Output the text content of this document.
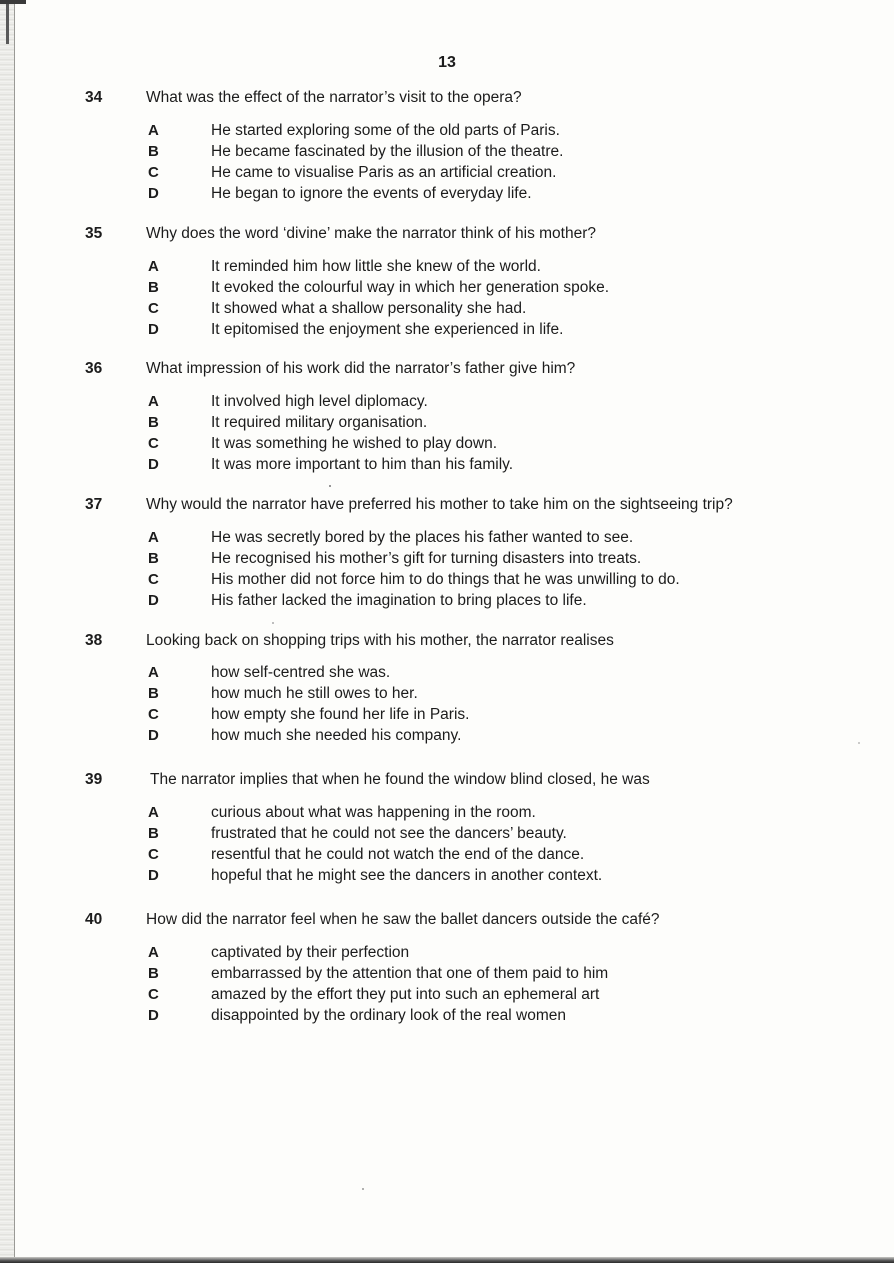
13
34	What was the effect of the narrator’s visit to the opera?
A	He started exploring some of the old parts of Paris.
B	He became fascinated by the illusion of the theatre.
C	He came to visualise Paris as an artificial creation.
D	He began to ignore the events of everyday life.
35	Why does the word ‘divine’ make the narrator think of his mother?
A	It reminded him how little she knew of the world.
B	It evoked the colourful way in which her generation spoke.
C	It showed what a shallow personality she had.
D	It epitomised the enjoyment she experienced in life.
36	What impression of his work did the narrator’s father give him?
A	It involved high level diplomacy.
B	It required military organisation.
C	It was something he wished to play down.
D	It was more important to him than his family.
37	Why would the narrator have preferred his mother to take him on the sightseeing trip?
A	He was secretly bored by the places his father wanted to see.
B	He recognised his mother’s gift for turning disasters into treats.
C	His mother did not force him to do things that he was unwilling to do.
D	His father lacked the imagination to bring places to life.
38	Looking back on shopping trips with his mother, the narrator realises
A	how self-centred she was.
B	how much he still owes to her.
C	how empty she found her life in Paris.
D	how much she needed his company.
39	The narrator implies that when he found the window blind closed, he was
A	curious about what was happening in the room.
B	frustrated that he could not see the dancers’ beauty.
C	resentful that he could not watch the end of the dance.
D	hopeful that he might see the dancers in another context.
40	How did the narrator feel when he saw the ballet dancers outside the café?
A	captivated by their perfection
B	embarrassed by the attention that one of them paid to him
C	amazed by the effort they put into such an ephemeral art
D	disappointed by the ordinary look of the real women
